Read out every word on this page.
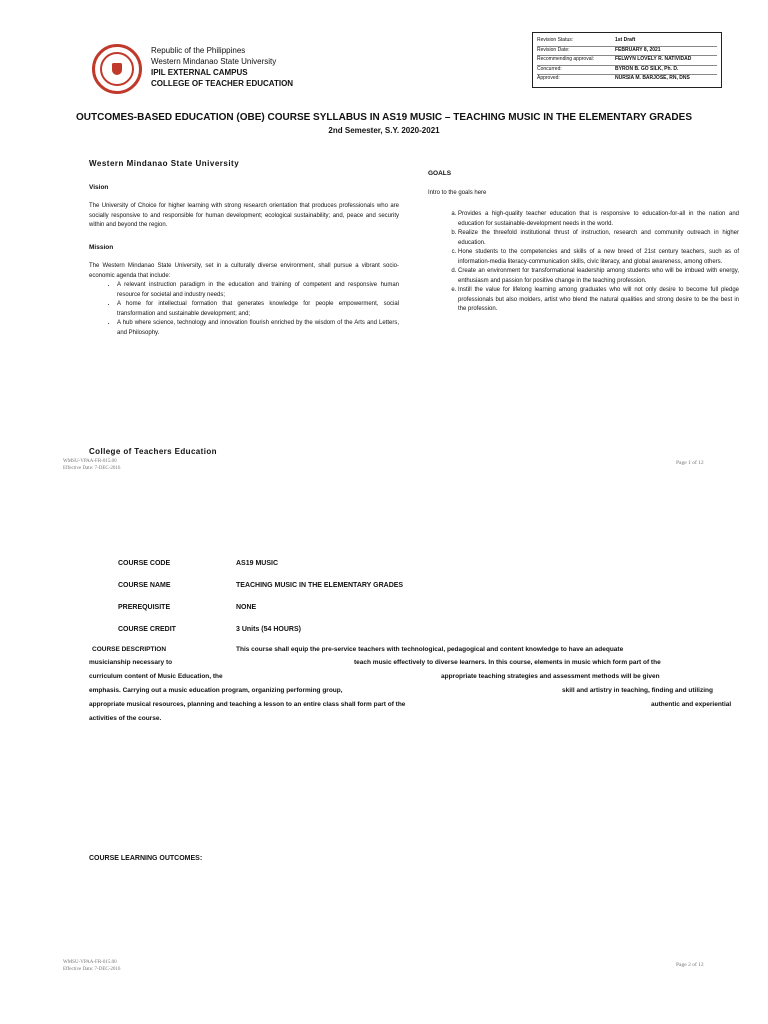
Republic of the Philippines
Western Mindanao State University
IPIL EXTERNAL CAMPUS
COLLEGE OF TEACHER EDUCATION
Revision Status:	1st Draft
Revision Date:	FEBRUARY 8, 2021
Recommending approval:	FELWYN LOVELY R. NATIVIDAD
Concurred:	BYRON B. GO SILK, Ph. D.
Approved:	NURSIA M. BARJOSE, RN, DNS
OUTCOMES-BASED EDUCATION (OBE) COURSE SYLLABUS IN AS19 MUSIC – TEACHING MUSIC IN THE ELEMENTARY GRADES
2nd Semester, S.Y. 2020-2021

Western Mindanao State University

Vision

The University of Choice for higher learning with strong research orientation that produces professionals who are socially responsive to and responsible for human development; ecological sustainability; and, peace and security within and beyond the region.

Mission

The Western Mindanao State University, set in a culturally diverse environment, shall pursue a vibrant socio-economic agenda that include:

• A relevant instruction paradigm in the education and training of competent and responsive human resource for societal and industry needs;
• A home for intellectual formation that generates knowledge for people empowerment, social transformation and sustainable development; and;
• A hub where science, technology and innovation flourish enriched by the wisdom of the Arts and Letters, and Philosophy.

GOALS

Intro to the goals here

a. Provides a high-quality teacher education that is responsive to education-for-all in the nation and education for sustainable-development needs in the world.
b. Realize the threefold institutional thrust of instruction, research and community outreach in higher education.
c. Hone students to the competencies and skills of a new breed of 21st century teachers, such as of information-media literacy-communication skills, civic literacy, and global awareness, among others.
d. Create an environment for transformational leadership among students who will be imbued with energy, enthusiasm and passion for positive change in the teaching profession.
e. Instill the value for lifelong learning among graduates who will not only desire to become full pledge professionals but also molders, artist who blend the natural qualities and strong desire to be the best in the profession.
College of Teachers Education
WMSU-VPAA-FR-015.00
Effective Date: 7-DEC-2016
Page 1 of 12
COURSE CODE	AS19 MUSIC
COURSE NAME	TEACHING MUSIC IN THE ELEMENTARY GRADES
PREREQUISITE	NONE
COURSE CREDIT	3 Units (54 HOURS)
COURSE DESCRIPTION	This course shall equip the pre-service teachers with technological, pedagogical and content knowledge to have an adequate
musicianship necessary to	teach music effectively to diverse learners. In this course, elements in music which form part of the
curriculum content of Music Education, the	appropriate teaching strategies and assessment methods will be given
emphasis. Carrying out a music education program, organizing performing group,	skill and artistry in teaching, finding and utilizing
appropriate musical resources, planning and teaching a lesson to an entire class shall form part of the	authentic and experiential
activities of the course.
COURSE LEARNING OUTCOMES:
WMSU-VPAA-FR-015.00
Effective Date: 7-DEC-2016
Page 2 of 12
